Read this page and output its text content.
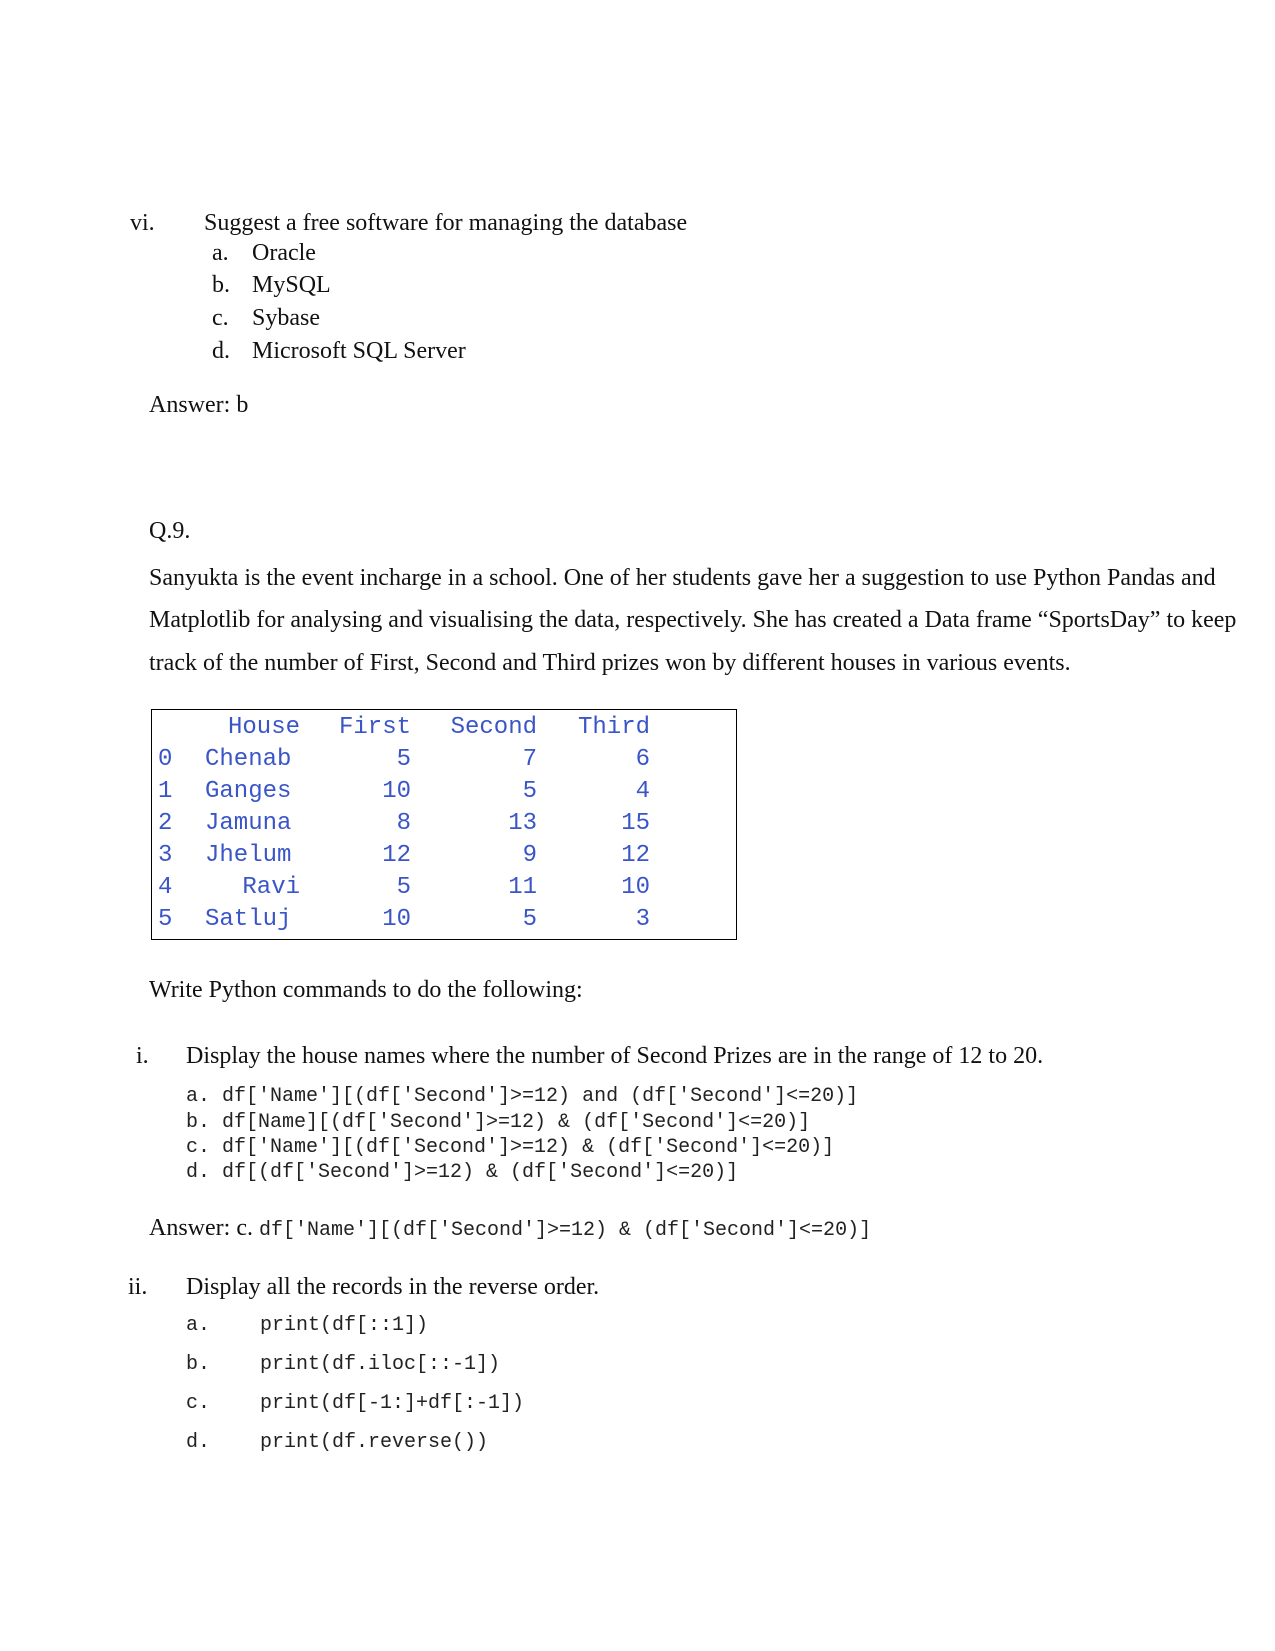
vi. Suggest a free software for managing the database
a. Oracle
b. MySQL
c. Sybase
d. Microsoft SQL Server
Answer: b
Q.9.
Sanyukta is the event incharge in a school. One of her students gave her a suggestion to use Python Pandas and
Matplotlib for analysing and visualising the data, respectively. She has created a Data frame “SportsDay” to keep
track of the number of First, Second and Third prizes won by different houses in various events.
House First Second Third
0 Chenab	5	7	6
1 Ganges	10	5	4
2 Jamuna	8	13	15
3 Jhelum	12	9	12
4	Ravi	5	11	10
5 Satluj	10	5	3
Write Python commands to do the following:
i. Display the house names where the number of Second Prizes are in the range of 12 to 20.
a. df['Name'][(df['Second']>=12) and (df['Second']<=20)]
b. df[Name][(df['Second']>=12) & (df['Second']<=20)]
c. df['Name'][(df['Second']>=12) & (df['Second']<=20)]
d. df[(df['Second']>=12) & (df['Second']<=20)]
Answer: c. df['Name'][(df['Second']>=12) & (df['Second']<=20)]
ii. Display all the records in the reverse order.
a. print(df[::1])
b. print(df.iloc[::-1])
c. print(df[-1:]+df[:-1])
d. print(df.reverse())
